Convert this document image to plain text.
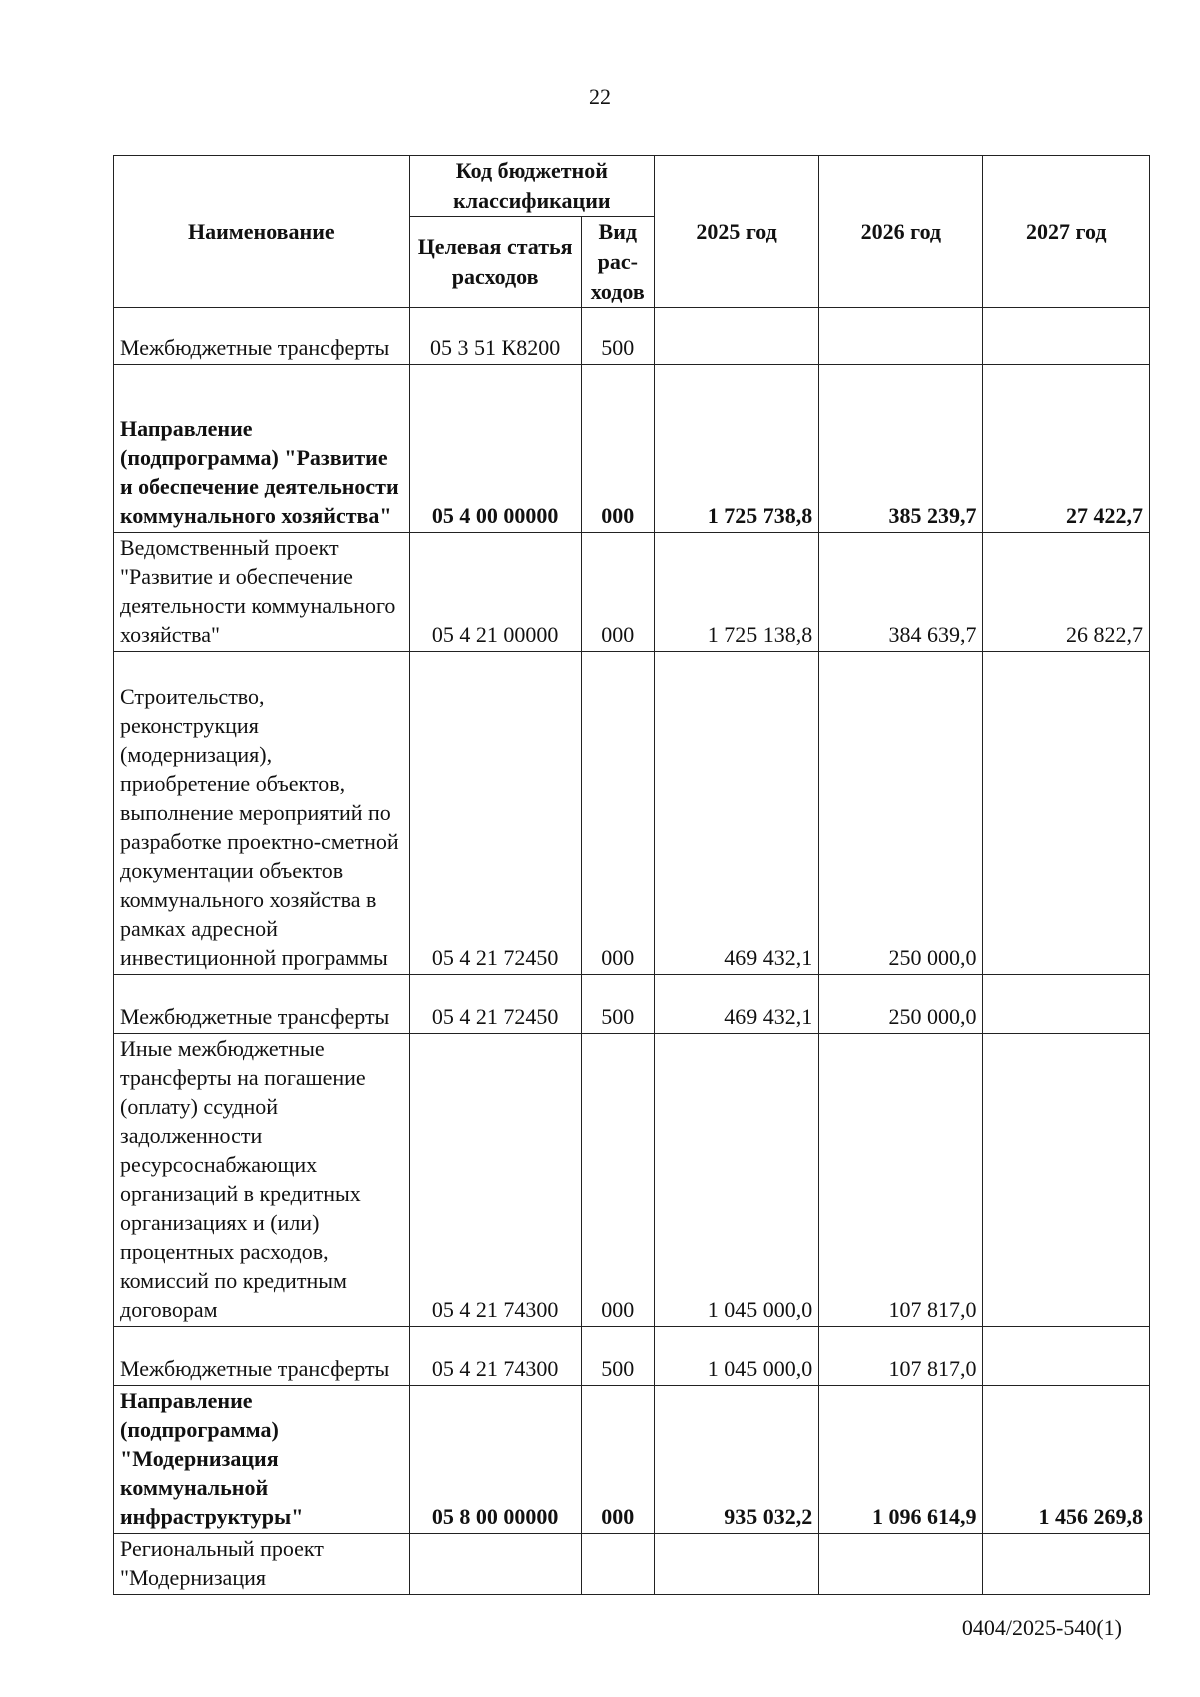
22
Наименование	Код бюджетной классификации		2025 год	2026 год	2027 год
	Целевая статья расходов	Вид рас-ходов			
Межбюджетные трансферты	05 3 51 К8200	500			
Направление (подпрограмма) "Развитие и обеспечение деятельности коммунального хозяйства"	05 4 00 00000	000	1 725 738,8	385 239,7	27 422,7
Ведомственный проект "Развитие и обеспечение деятельности коммунального хозяйства"	05 4 21 00000	000	1 725 138,8	384 639,7	26 822,7
Строительство, реконструкция (модернизация), приобретение объектов, выполнение мероприятий по разработке проектно-сметной документации объектов коммунального хозяйства в рамках адресной инвестиционной программы	05 4 21 72450	000	469 432,1	250 000,0	
Межбюджетные трансферты	05 4 21 72450	500	469 432,1	250 000,0	
Иные межбюджетные трансферты на погашение (оплату) ссудной задолженности ресурсоснабжающих организаций в кредитных организациях и (или) процентных расходов, комиссий по кредитным договорам	05 4 21 74300	000	1 045 000,0	107 817,0	
Межбюджетные трансферты	05 4 21 74300	500	1 045 000,0	107 817,0	
Направление (подпрограмма) "Модернизация коммунальной инфраструктуры"	05 8 00 00000	000	935 032,2	1 096 614,9	1 456 269,8
Региональный проект "Модернизация					
0404/2025-540(1)
